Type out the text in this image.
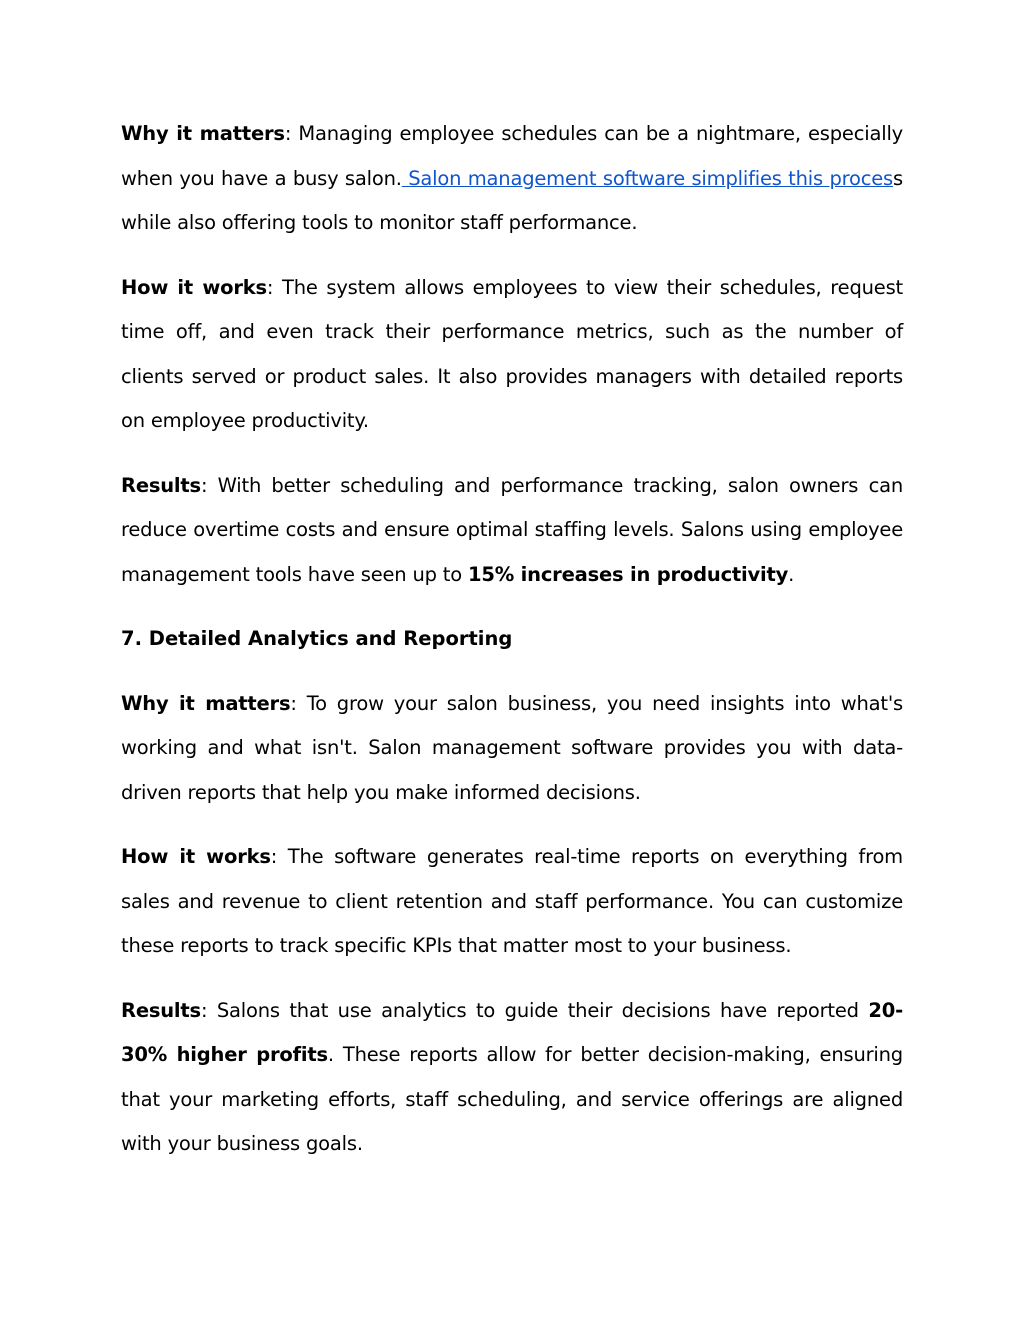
Why it matters: Managing employee schedules can be a nightmare, especially when you have a busy salon. Salon management software simplifies this process while also offering tools to monitor staff performance.

How it works: The system allows employees to view their schedules, request time off, and even track their performance metrics, such as the number of clients served or product sales. It also provides managers with detailed reports on employee productivity.

Results: With better scheduling and performance tracking, salon owners can reduce overtime costs and ensure optimal staffing levels. Salons using employee management tools have seen up to 15% increases in productivity.

7. Detailed Analytics and Reporting

Why it matters: To grow your salon business, you need insights into what's working and what isn't. Salon management software provides you with data-driven reports that help you make informed decisions.

How it works: The software generates real-time reports on everything from sales and revenue to client retention and staff performance. You can customize these reports to track specific KPIs that matter most to your business.

Results: Salons that use analytics to guide their decisions have reported 20-30% higher profits. These reports allow for better decision-making, ensuring that your marketing efforts, staff scheduling, and service offerings are aligned with your business goals.
